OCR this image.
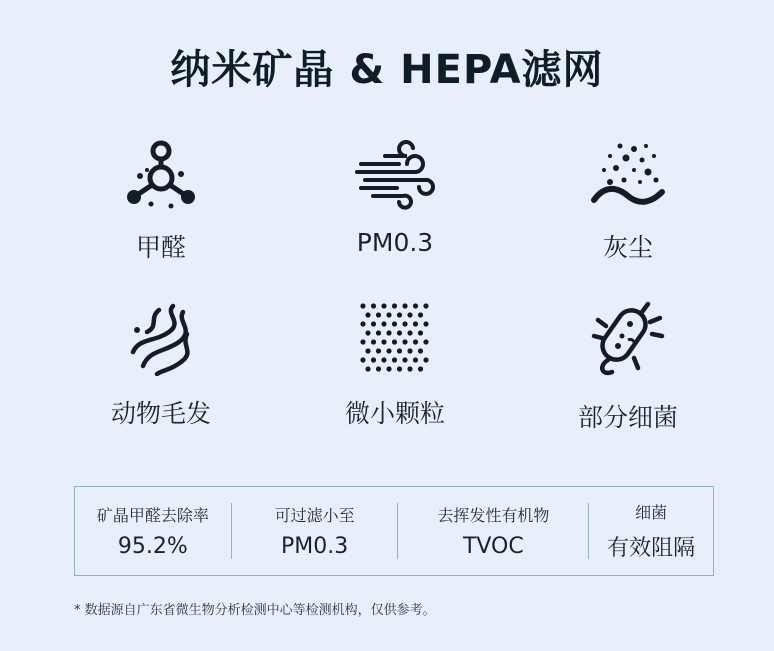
纳米矿晶 & HEPA滤网
甲醛	PM0.3	灰尘
动物毛发	微小颗粒	部分细菌
矿晶甲醛去除率
95.2%
可过滤小至
PM0.3
去挥发性有机物
TVOC
细菌
有效阻隔
* 数据源自广东省微生物分析检测中心等检测机构，仅供参考。
